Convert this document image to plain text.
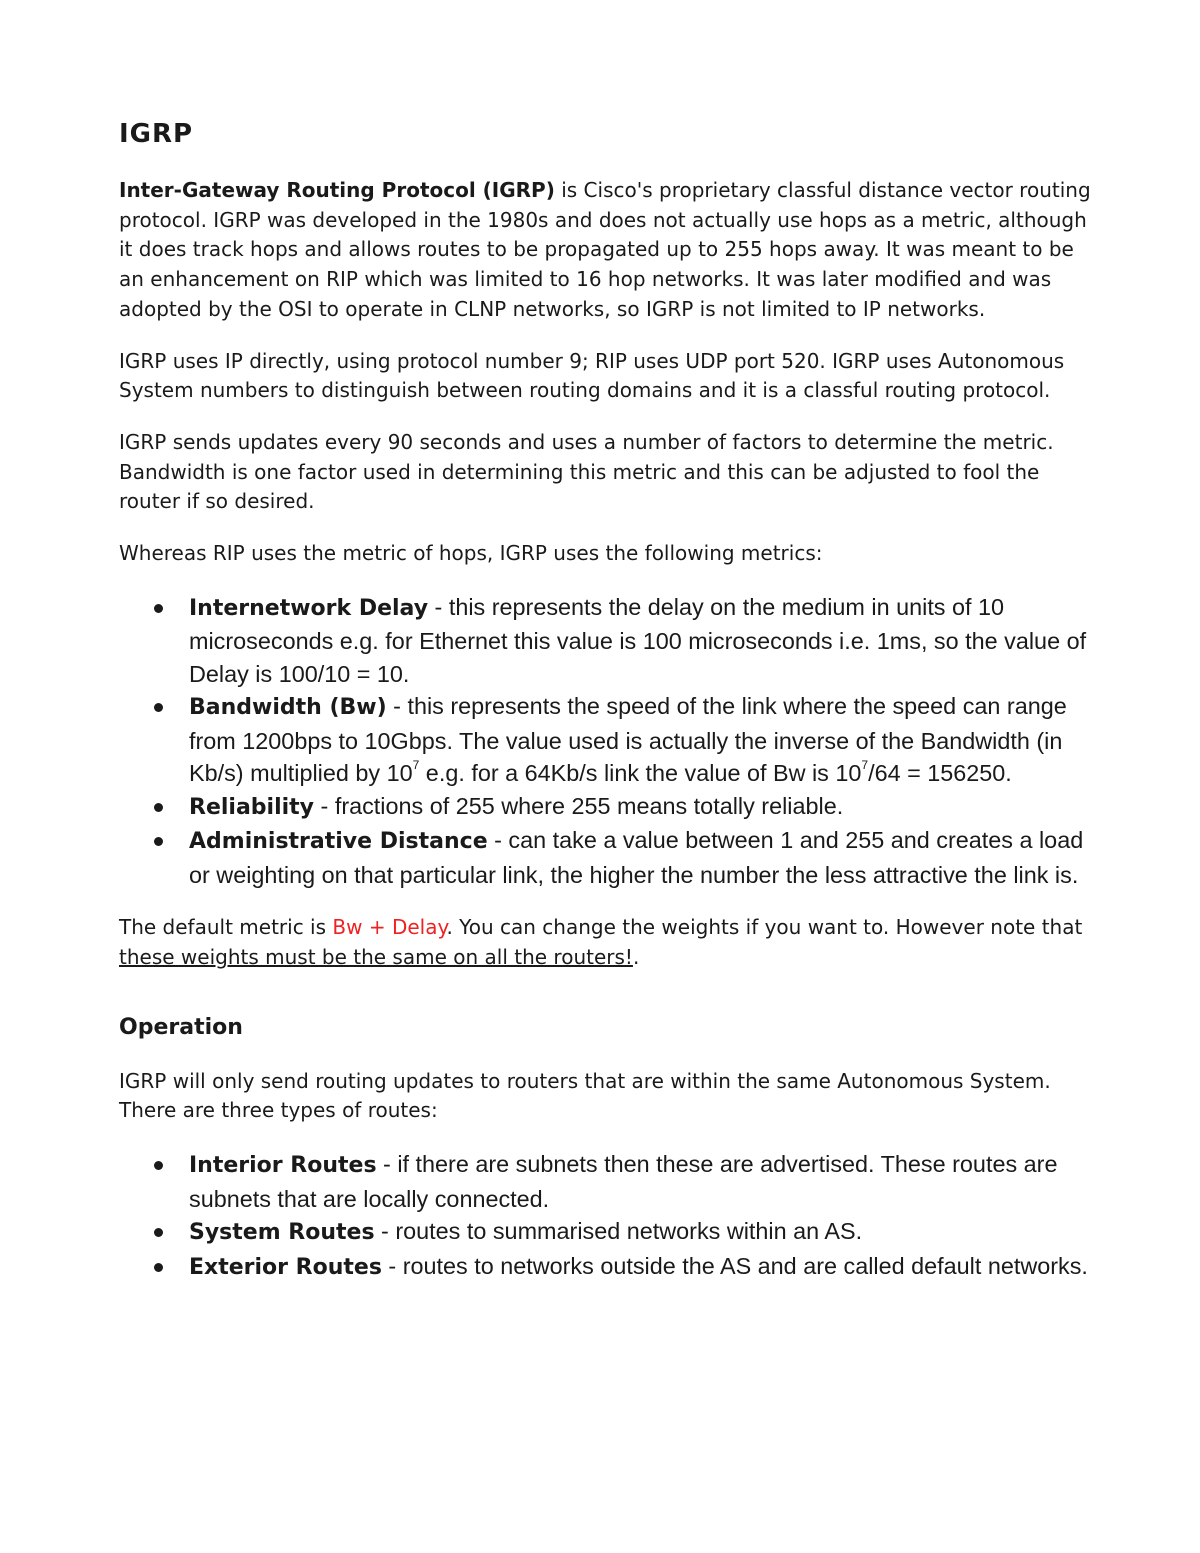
IGRP
Inter-Gateway Routing Protocol (IGRP) is Cisco's proprietary classful distance vector routing protocol. IGRP was developed in the 1980s and does not actually use hops as a metric, although it does track hops and allows routes to be propagated up to 255 hops away. It was meant to be an enhancement on RIP which was limited to 16 hop networks. It was later modified and was adopted by the OSI to operate in CLNP networks, so IGRP is not limited to IP networks.
IGRP uses IP directly, using protocol number 9; RIP uses UDP port 520. IGRP uses Autonomous System numbers to distinguish between routing domains and it is a classful routing protocol.
IGRP sends updates every 90 seconds and uses a number of factors to determine the metric. Bandwidth is one factor used in determining this metric and this can be adjusted to fool the router if so desired.
Whereas RIP uses the metric of hops, IGRP uses the following metrics:
Internetwork Delay - this represents the delay on the medium in units of 10 microseconds e.g. for Ethernet this value is 100 microseconds i.e. 1ms, so the value of Delay is 100/10 = 10.
Bandwidth (Bw) - this represents the speed of the link where the speed can range from 1200bps to 10Gbps. The value used is actually the inverse of the Bandwidth (in Kb/s) multiplied by $10^7$ e.g. for a 64Kb/s link the value of Bw is $10^7/64 = 156250$.
Reliability - fractions of 255 where 255 means totally reliable.
Administrative Distance - can take a value between 1 and 255 and creates a load or weighting on that particular link, the higher the number the less attractive the link is.
The default metric is Bw + Delay. You can change the weights if you want to. However note that these weights must be the same on all the routers!.
Operation
IGRP will only send routing updates to routers that are within the same Autonomous System. There are three types of routes:
Interior Routes - if there are subnets then these are advertised. These routes are subnets that are locally connected.
System Routes - routes to summarised networks within an AS.
Exterior Routes - routes to networks outside the AS and are called default networks.
